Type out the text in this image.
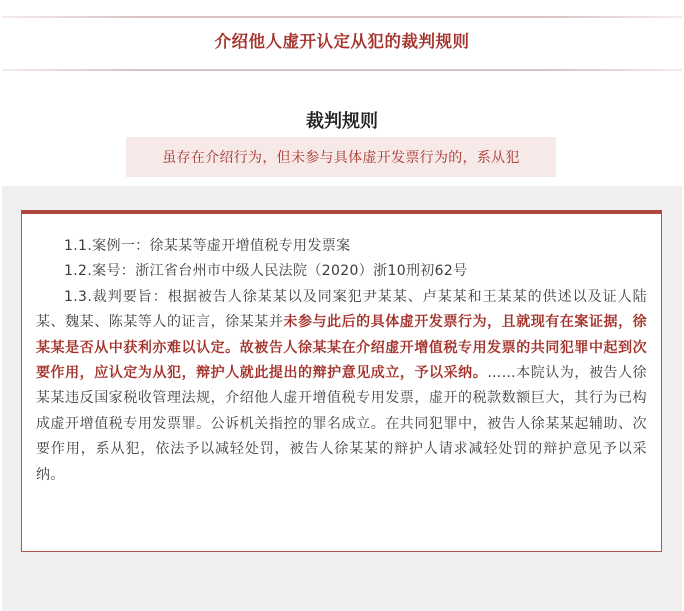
介绍他人虚开认定从犯的裁判规则
裁判规则
虽存在介绍行为，但未参与具体虚开发票行为的，系从犯

1.1.案例一：徐某某等虚开增值税专用发票案

1.2.案号：浙江省台州市中级人民法院（2020）浙10刑初62号

1.3.裁判要旨：根据被告人徐某某以及同案犯尹某某、卢某某和王某某的供述以及证人陆某、魏某、陈某等人的证言，徐某某并未参与此后的具体虚开发票行为，且就现有在案证据，徐某某是否从中获利亦难以认定。故被告人徐某某在介绍虚开增值税专用发票的共同犯罪中起到次要作用，应认定为从犯，辩护人就此提出的辩护意见成立，予以采纳。……本院认为，被告人徐某某违反国家税收管理法规，介绍他人虚开增值税专用发票，虚开的税款数额巨大，其行为已构成虚开增值税专用发票罪。公诉机关指控的罪名成立。在共同犯罪中，被告人徐某某起辅助、次要作用，系从犯，依法予以减轻处罚，被告人徐某某的辩护人请求减轻处罚的辩护意见予以采纳。
